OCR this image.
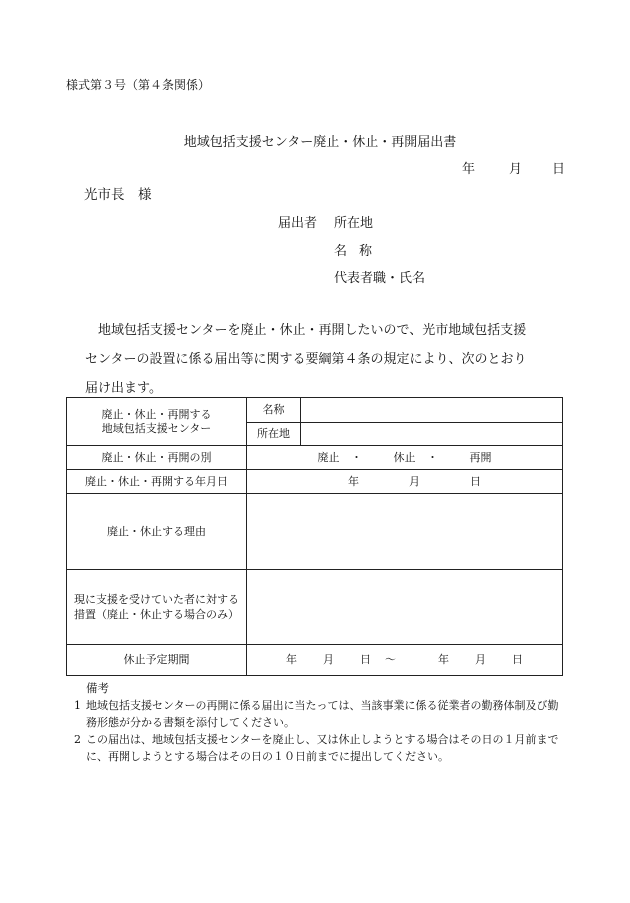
様式第３号（第４条関係）
地域包括支援センター廃止・休止・再開届出書
年	月 日
光市長　様
届出者 所在地
名称
代表者職・氏名

地域包括支援センターを廃止・休止・再開したいので、光市地域包括支援

センターの設置に係る届出等に関する要綱第４条の規定により、次のとおり

届け出ます。

廃止・休止・再開する
地域包括支援センター	名称	
	所在地	
廃止・休止・再開の別	廃止 ・ 休止 ・ 再開	
廃止・休止・再開する年月日	年 月 日	
廃止・休止する理由		
現に支援を受けていた者に対する措置（廃止・休止する場合のみ）		
休止予定期間	年 月 日 〜 年 月 日	
備考
1 地域包括支援センターの再開に係る届出に当たっては、当該事業に係る従業者の勤務体制及び勤務形態が分かる書類を添付してください。
2 この届出は、地域包括支援センターを廃止し、又は休止しようとする場合はその日の１月前までに、再開しようとする場合はその日の１０日前までに提出してください。
